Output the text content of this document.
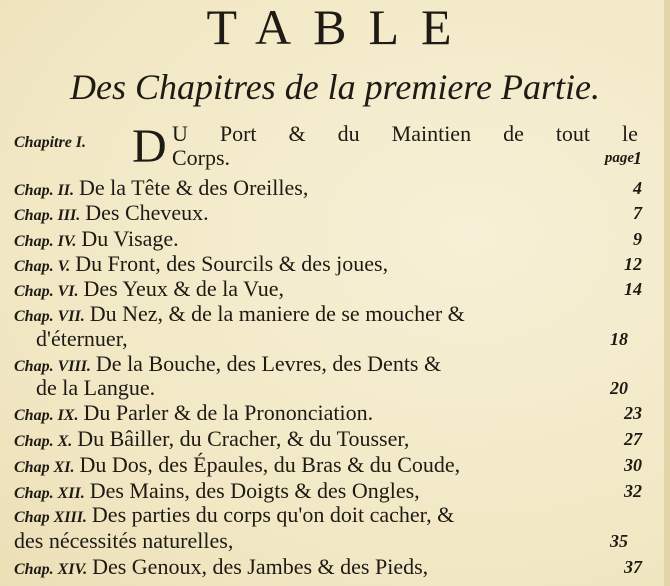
TABLE
Des Chapitres de la premiere Partie.
Chapitre I. D U Port & du Maintien de tout le
Corps.	page 1
Chap. II. De la Tête & des Oreilles,	4
Chap. III. Des Cheveux.	7
Chap. IV. Du Visage.	9
Chap. V. Du Front, des Sourcils & des joues,	12
Chap. VI. Des Yeux & de la Vue,	14
Chap. VII. Du Nez, & de la maniere de se moucher &
d'éternuer,	18
Chap. VIII. De la Bouche, des Levres, des Dents &
de la Langue.	20
Chap. IX. Du Parler & de la Prononciation.	23
Chap. X. Du Bâiller, du Cracher, & du Tousser,	27
Chap XI. Du Dos, des Épaules, du Bras & du Coude,	30
Chap. XII. Des Mains, des Doigts & des Ongles,	32
Chap XIII. Des parties du corps qu'on doit cacher, &
des nécessités naturelles,	35
Chap. XIV. Des Genoux, des Jambes & des Pieds,	37
